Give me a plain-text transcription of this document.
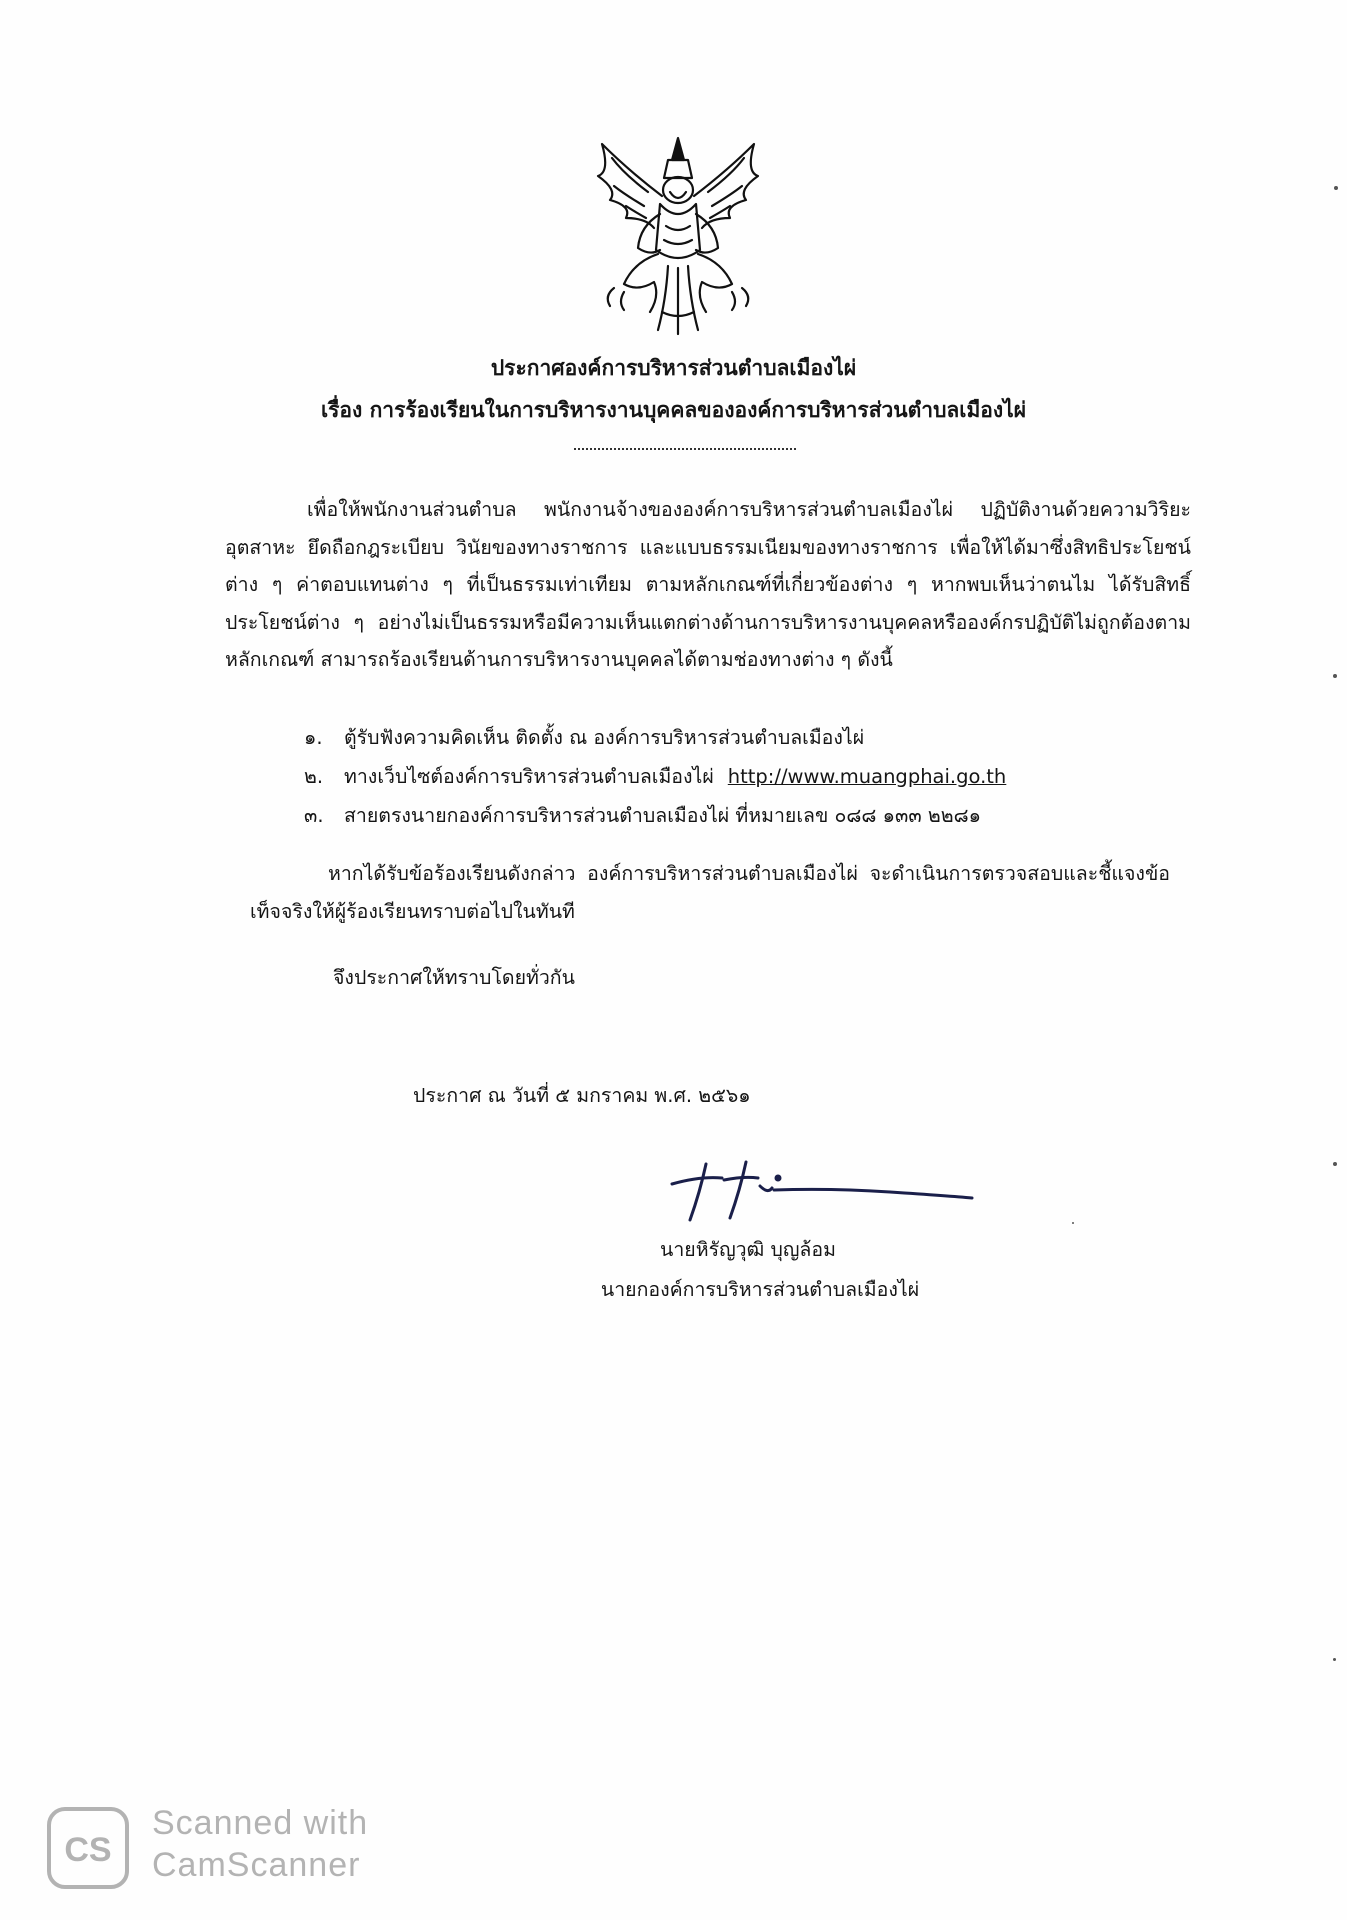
ประกาศองค์การบริหารส่วนตำบลเมืองไผ่
เรื่อง การร้องเรียนในการบริหารงานบุคคลขององค์การบริหารส่วนตำบลเมืองไผ่
เพื่อให้พนักงานส่วนตำบล พนักงานจ้างขององค์การบริหารส่วนตำบลเมืองไผ่ ปฏิบัติงานด้วยความวิริยะ อุตสาหะ ยึดถือกฎระเบียบ วินัยของทางราชการ และแบบธรรมเนียมของทางราชการ เพื่อให้ได้มาซึ่งสิทธิประโยชน์ต่าง ๆ ค่าตอบแทนต่าง ๆ ที่เป็นธรรมเท่าเทียม ตามหลักเกณฑ์ที่เกี่ยวข้องต่าง ๆ หากพบเห็นว่าตนไม ได้รับสิทธิ์ประโยชน์ต่าง ๆ อย่างไม่เป็นธรรมหรือมีความเห็นแตกต่างด้านการบริหารงานบุคคลหรือองค์กรปฏิบัติไม่ถูกต้องตามหลักเกณฑ์ สามารถร้องเรียนด้านการบริหารงานบุคคลได้ตามช่องทางต่าง ๆ ดังนี้
๑. ตู้รับฟังความคิดเห็น ติดตั้ง ณ องค์การบริหารส่วนตำบลเมืองไผ่
๒. ทางเว็บไซต์องค์การบริหารส่วนตำบลเมืองไผ่ http://www.muangphai.go.th
๓. สายตรงนายกองค์การบริหารส่วนตำบลเมืองไผ่ ที่หมายเลข ๐๘๘ ๑๓๓ ๒๒๘๑
หากได้รับข้อร้องเรียนดังกล่าว องค์การบริหารส่วนตำบลเมืองไผ่ จะดำเนินการตรวจสอบและชี้แจงข้อเท็จจริงให้ผู้ร้องเรียนทราบต่อไปในทันที
จึงประกาศให้ทราบโดยทั่วกัน
ประกาศ ณ วันที่ ๕ มกราคม พ.ศ. ๒๕๖๑
นายหิรัญวุฒิ บุญล้อม
นายกองค์การบริหารส่วนตำบลเมืองไผ่
CS
Scanned with
CamScanner
